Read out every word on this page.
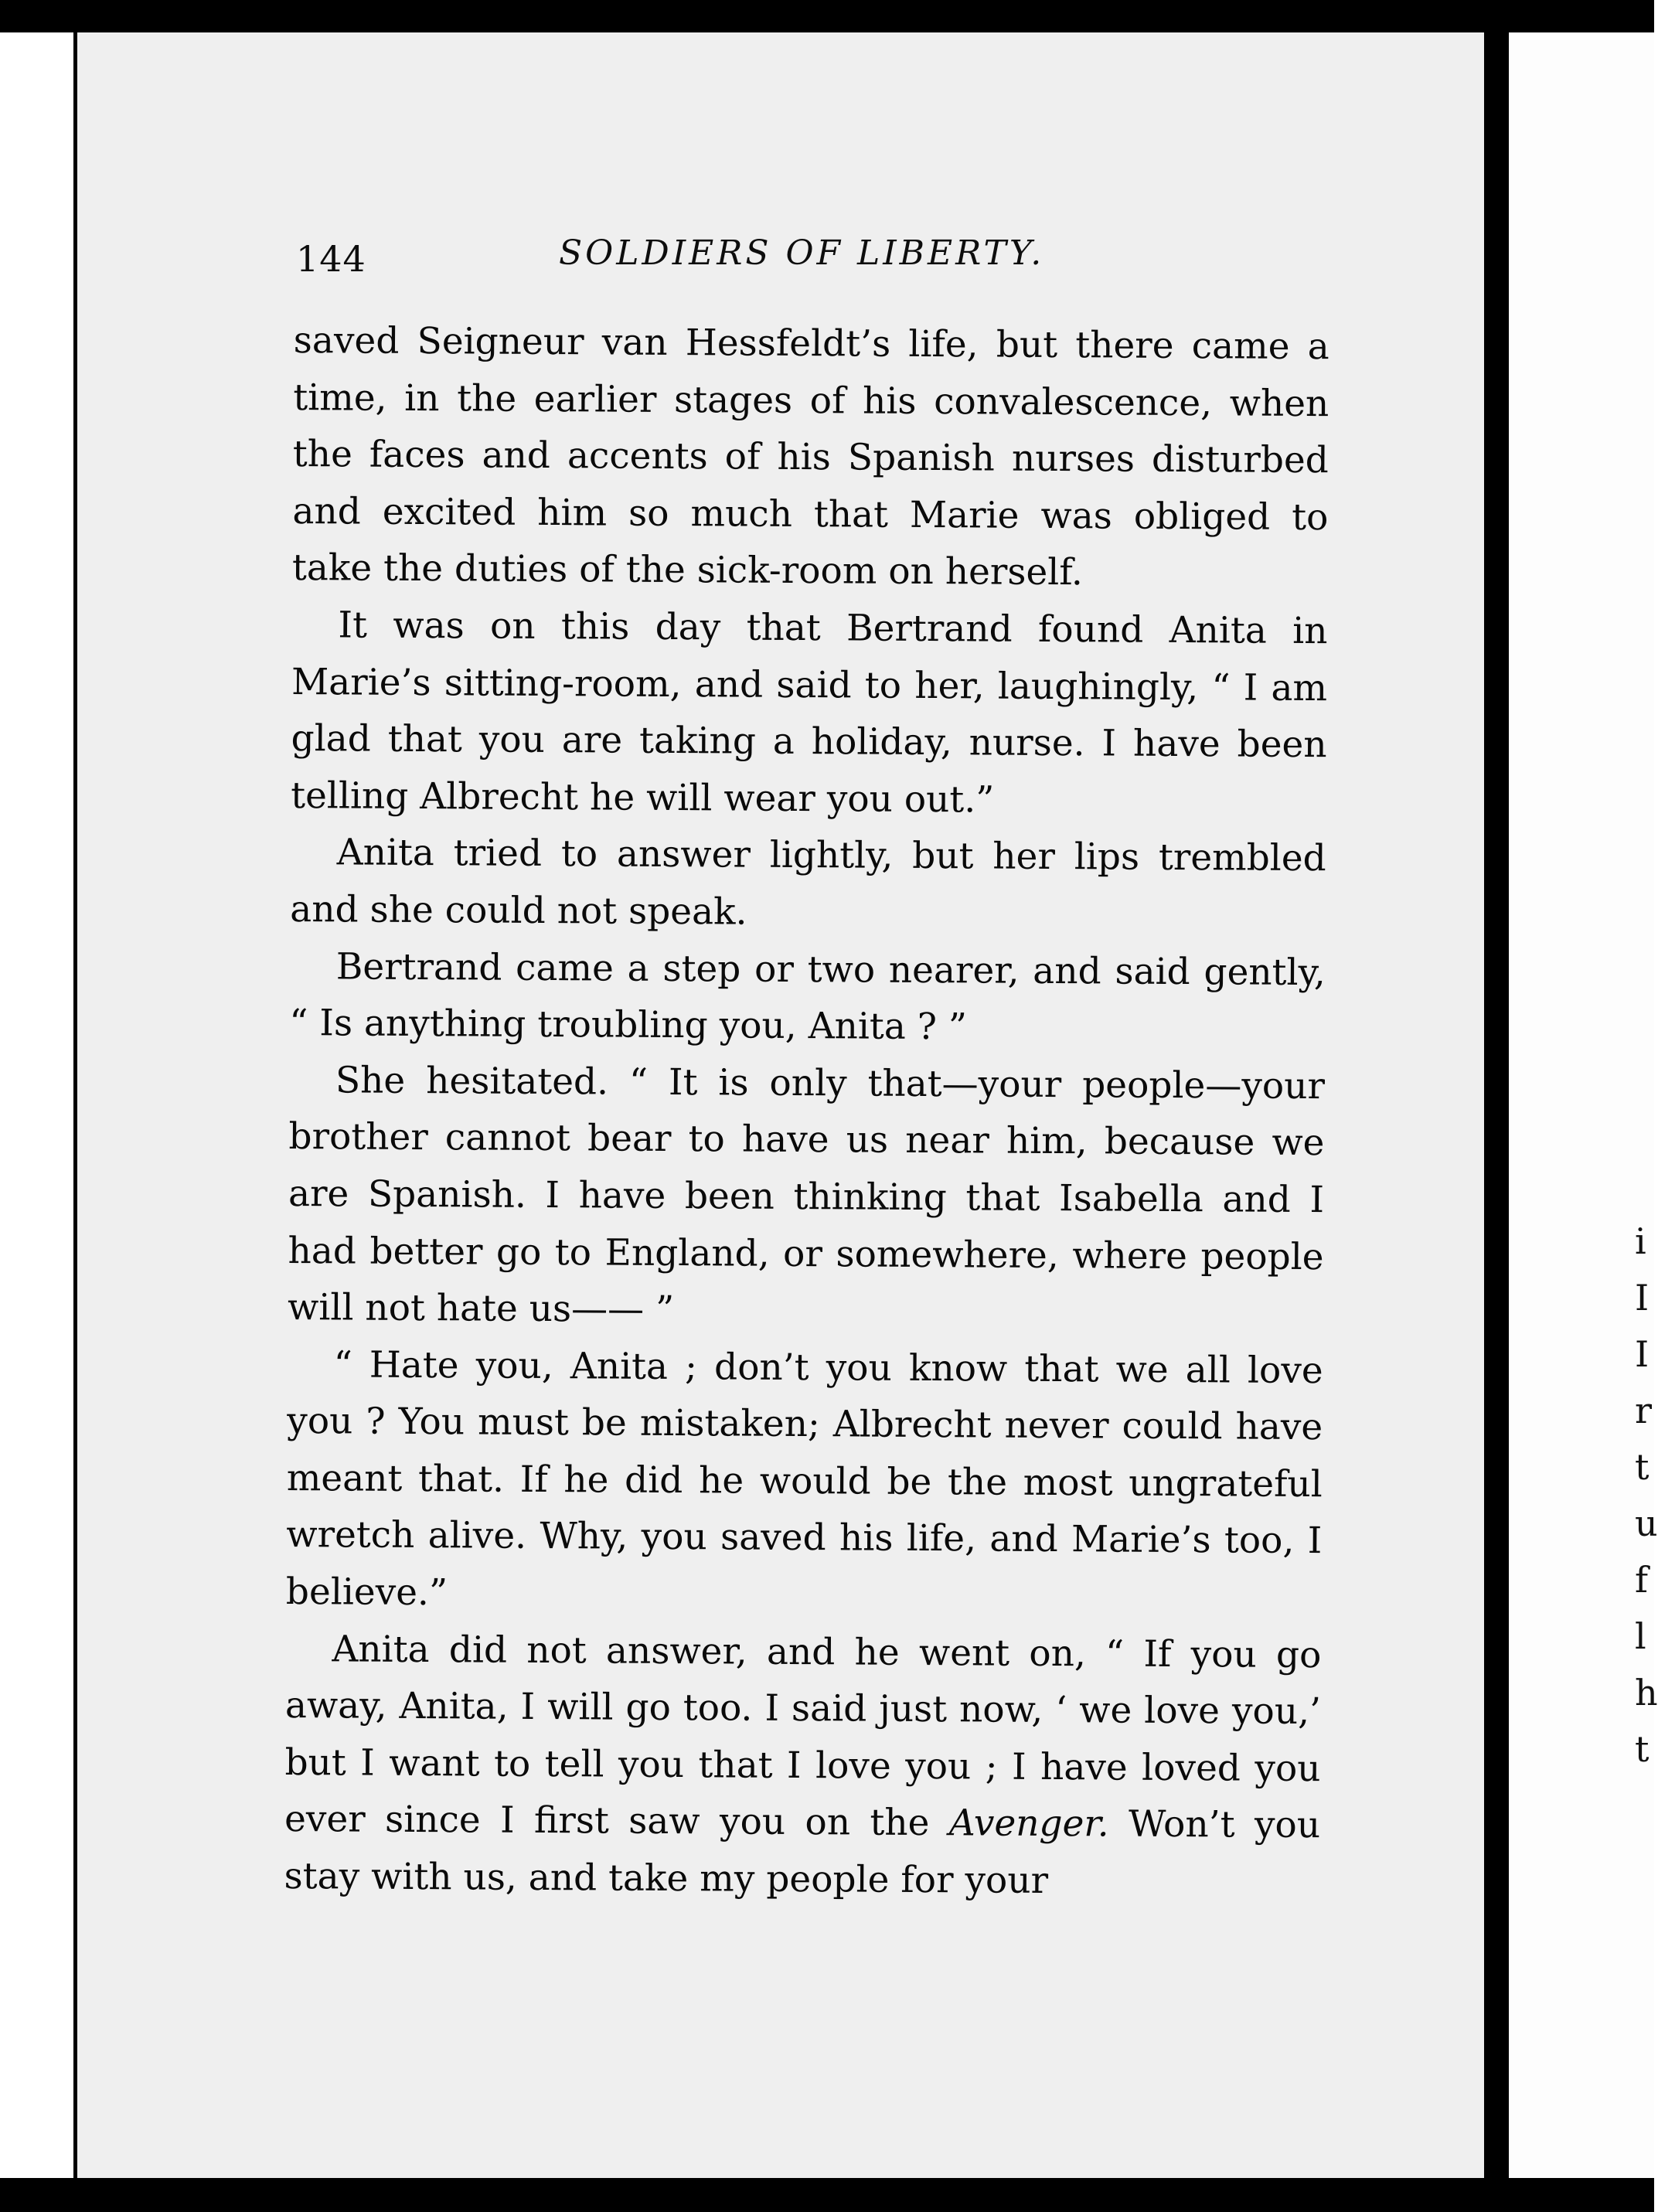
144	SOLDIERS OF LIBERTY.

saved Seigneur van Hessfeldt’s life, but there came a time, in the earlier stages of his convalescence, when the faces and accents of his Spanish nurses disturbed and excited him so much that Marie was obliged to take the duties of the sick-room on herself.

It was on this day that Bertrand found Anita in Marie’s sitting-room, and said to her, laughingly, “ I am glad that you are taking a holiday, nurse. I have been telling Albrecht he will wear you out.”

Anita tried to answer lightly, but her lips trembled and she could not speak.

Bertrand came a step or two nearer, and said gently, “ Is anything troubling you, Anita ? ”

She hesitated. “ It is only that—your people—your brother cannot bear to have us near him, because we are Spanish. I have been thinking that Isabella and I had better go to England, or somewhere, where people will not hate us—— ”

“ Hate you, Anita ; don’t you know that we all love you ? You must be mistaken; Albrecht never could have meant that. If he did he would be the most ungrateful wretch alive. Why, you saved his life, and Marie’s too, I believe.”

Anita did not answer, and he went on, “ If you go away, Anita, I will go too. I said just now, ‘ we love you,’ but I want to tell you that I love you ; I have loved you ever since I first saw you on the Avenger. Won’t you stay with us, and take my people for your

i
I
I
r
t
u
f
l
h
t
